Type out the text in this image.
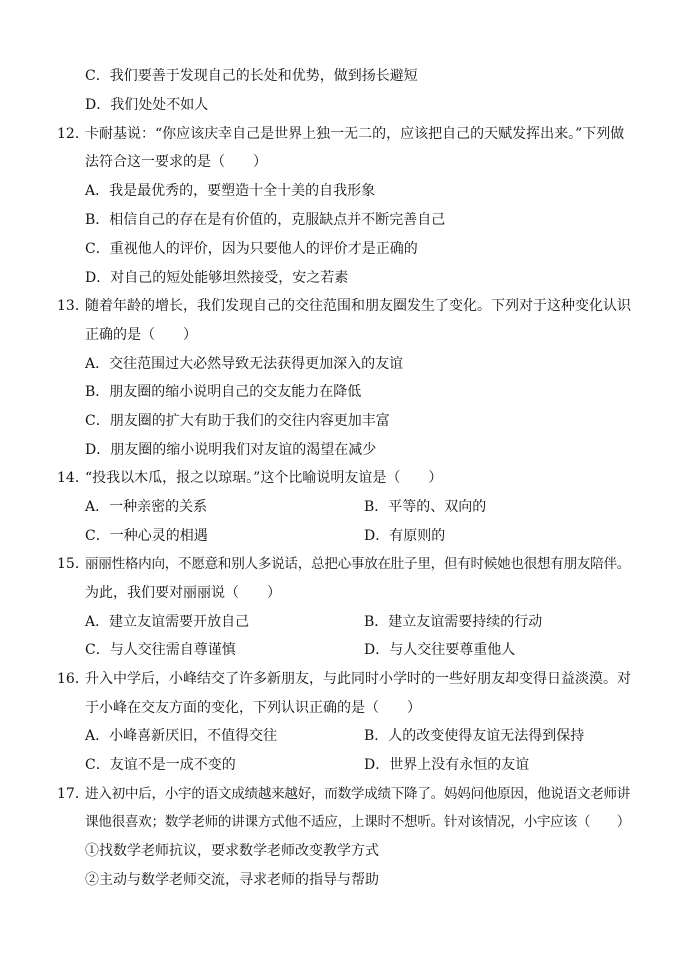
C．我们要善于发现自己的长处和优势，做到扬长避短
D．我们处处不如人
12．
卡耐基说：“你应该庆幸自己是世界上独一无二的，应该把自己的天赋发挥出来。”下列做
法符合这一要求的是（　　）
A．我是最优秀的，要塑造十全十美的自我形象
B．相信自己的存在是有价值的，克服缺点并不断完善自己
C．重视他人的评价，因为只要他人的评价才是正确的
D．对自己的短处能够坦然接受，安之若素
13．
随着年龄的增长，我们发现自己的交往范围和朋友圈发生了变化。下列对于这种变化认识
正确的是（　　）
A．交往范围过大必然导致无法获得更加深入的友谊
B．朋友圈的缩小说明自己的交友能力在降低
C．朋友圈的扩大有助于我们的交往内容更加丰富
D．朋友圈的缩小说明我们对友谊的渴望在减少
14．
“投我以木瓜，报之以琼琚。”这个比喻说明友谊是（　　）
A．一种亲密的关系	B．平等的、双向的
C．一种心灵的相遇	D．有原则的
15．
丽丽性格内向，不愿意和别人多说话，总把心事放在肚子里，但有时候她也很想有朋友陪伴。
为此，我们要对丽丽说（　　）
A．建立友谊需要开放自己	B．建立友谊需要持续的行动
C．与人交往需自尊谨慎	D．与人交往要尊重他人
16．
升入中学后，小峰结交了许多新朋友，与此同时小学时的一些好朋友却变得日益淡漠。对
于小峰在交友方面的变化，下列认识正确的是（　　）
A．小峰喜新厌旧，不值得交往	B．人的改变使得友谊无法得到保持
C．友谊不是一成不变的	D．世界上没有永恒的友谊
17．
进入初中后，小宇的语文成绩越来越好，而数学成绩下降了。妈妈问他原因，他说语文老师讲
课他很喜欢；数学老师的讲课方式他不适应，上课时不想听。针对该情况，小宇应该（　　）
①找数学老师抗议，要求数学老师改变教学方式
②主动与数学老师交流，寻求老师的指导与帮助
